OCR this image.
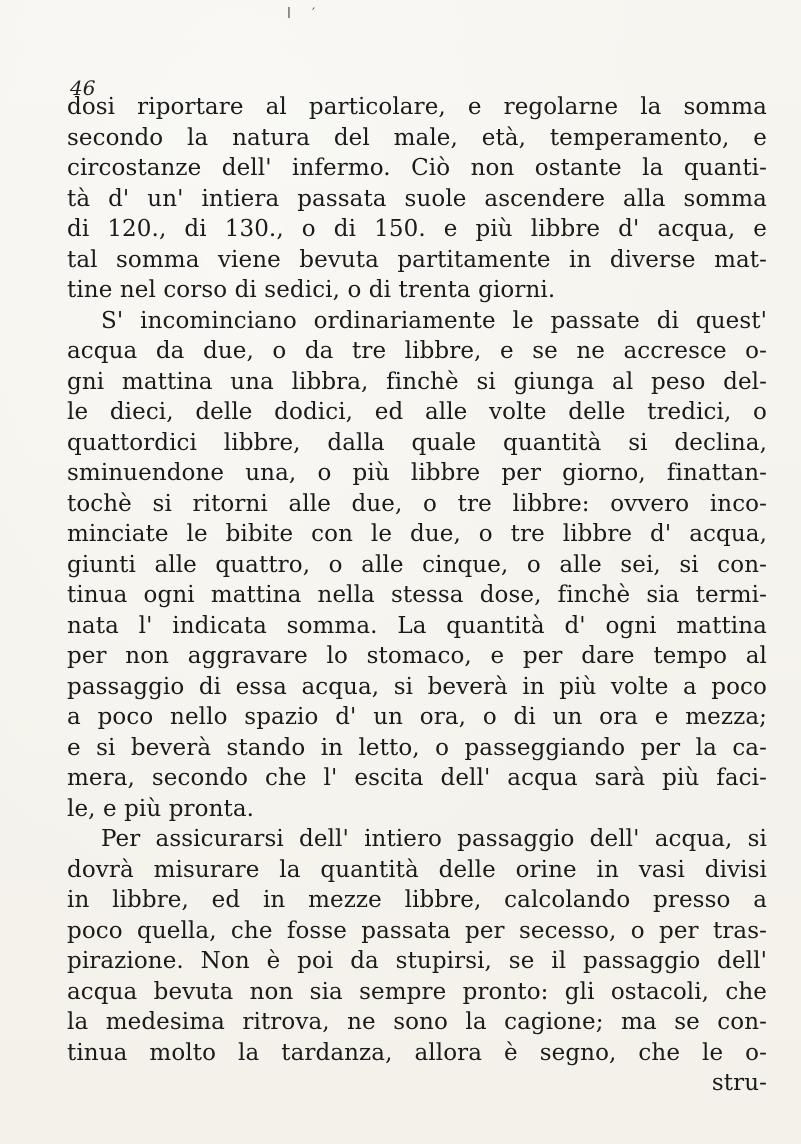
l ′
46
dosi riportare al particolare, e regolarne la somma
secondo la natura del male, età, temperamento, e
circostanze dell' infermo. Ciò non ostante la quanti-
tà d' un' intiera passata suole ascendere alla somma
di 120., di 130., o di 150. e più libbre d' acqua, e
tal somma viene bevuta partitamente in diverse mat-
tine nel corso di sedici, o di trenta giorni.
S' incominciano ordinariamente le passate di quest'
acqua da due, o da tre libbre, e se ne accresce o-
gni mattina una libbra, finchè si giunga al peso del-
le dieci, delle dodici, ed alle volte delle tredici, o
quattordici libbre, dalla quale quantità si declina,
sminuendone una, o più libbre per giorno, finattan-
tochè si ritorni alle due, o tre libbre: ovvero inco-
minciate le bibite con le due, o tre libbre d' acqua,
giunti alle quattro, o alle cinque, o alle sei, si con-
tinua ogni mattina nella stessa dose, finchè sia termi-
nata l' indicata somma. La quantità d' ogni mattina
per non aggravare lo stomaco, e per dare tempo al
passaggio di essa acqua, si beverà in più volte a poco
a poco nello spazio d' un ora, o di un ora e mezza;
e si beverà stando in letto, o passeggiando per la ca-
mera, secondo che l' escita dell' acqua sarà più faci-
le, e più pronta.
Per assicurarsi dell' intiero passaggio dell' acqua, si
dovrà misurare la quantità delle orine in vasi divisi
in libbre, ed in mezze libbre, calcolando presso a
poco quella, che fosse passata per secesso, o per tras-
pirazione. Non è poi da stupirsi, se il passaggio dell'
acqua bevuta non sia sempre pronto: gli ostacoli, che
la medesima ritrova, ne sono la cagione; ma se con-
tinua molto la tardanza, allora è segno, che le o-
stru-
